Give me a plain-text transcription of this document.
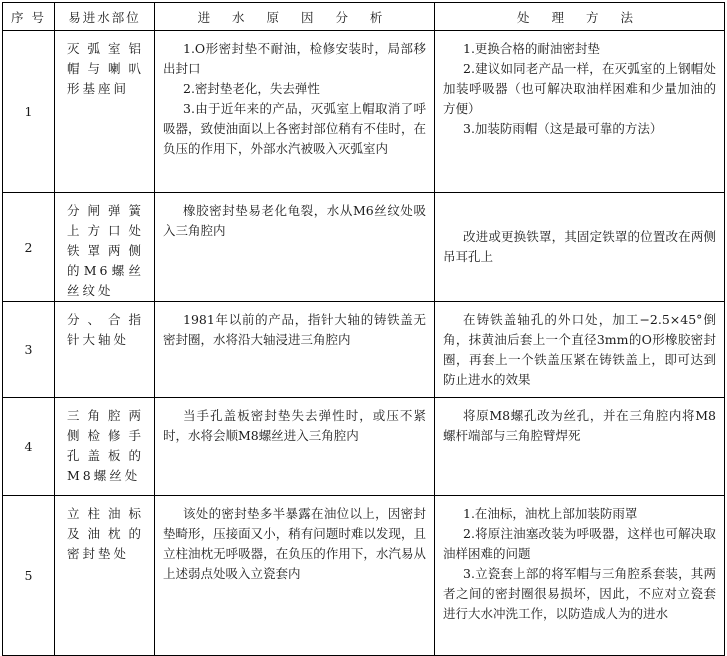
序 号	易进水部位	进 水 原 因 分 析	处 理 方 法
1	灭弧室铝帽与喇叭形基座间	1.O形密封垫不耐油，检修安装时，局部移出封口
2.密封垫老化，失去弹性
3.由于近年来的产品，灭弧室上帽取消了呼吸器，致使油面以上各密封部位稍有不佳时，在负压的作用下，外部水汽被吸入灭弧室内	1.更换合格的耐油密封垫
2.建议如同老产品一样，在灭弧室的上钢帽处加装呼吸器（也可解决取油样困难和少量加油的方便）
3.加装防雨帽（这是最可靠的方法）

2	分闸弹簧上方口处铁罩两侧的M6螺丝丝纹处	橡胶密封垫易老化龟裂，水从M6丝纹处吸入三角腔内	改进或更换铁罩，其固定铁罩的位置改在两侧吊耳孔上

3	分、合指针大轴处	1981年以前的产品，指针大轴的铸铁盖无密封圈，水将沿大轴浸进三角腔内	在铸铁盖轴孔的外口处，加工−2.5×45°倒角，抹黄油后套上一个直径3mm的O形橡胶密封圈，再套上一个铁盖压紧在铸铁盖上，即可达到防止进水的效果

4	三角腔两侧检修手孔盖板的M8螺丝处	当手孔盖板密封垫失去弹性时，或压不紧时，水将会顺M8螺丝进入三角腔内	将原M8螺孔改为丝孔，并在三角腔内将M8螺杆端部与三角腔臂焊死

5	立柱油标及油枕的密封垫处	该处的密封垫多半暴露在油位以上，因密封垫畸形，压接面又小，稍有问题时难以发现，且立柱油枕无呼吸器，在负压的作用下，水汽易从上述弱点处吸入立瓷套内	1.在油标，油枕上部加装防雨罩
2.将原注油塞改装为呼吸器，这样也可解决取油样困难的问题
3.立瓷套上部的将军帽与三角腔系套装，其两者之间的密封圈很易损坏，因此，不应对立瓷套进行大水冲洗工作，以防造成人为的进水
